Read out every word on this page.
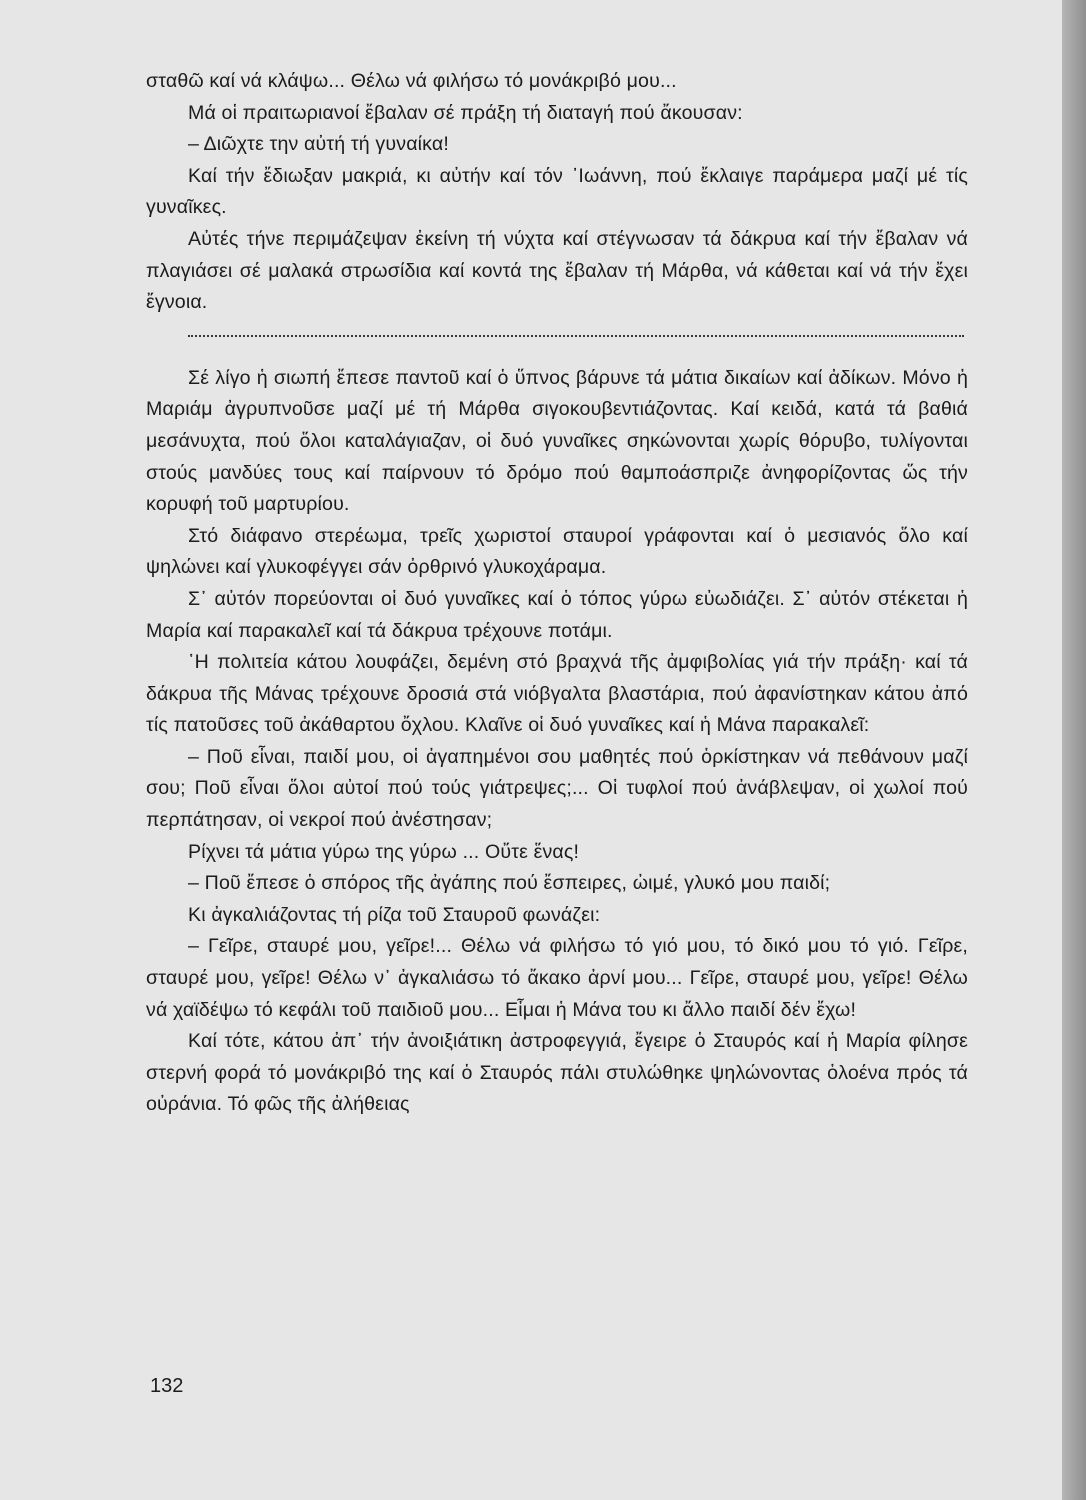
σταθῶ καί νά κλάψω... Θέλω νά φιλήσω τό μονάκριβό μου...

Μά οἱ πραιτωριανοί ἔβαλαν σέ πράξη τή διαταγή πού ἄκουσαν:

– Διῶχτε την αὐτή τή γυναίκα!

Καί τήν ἔδιωξαν μακριά, κι αὐτήν καί τόν ᾿Ιωάννη, πού ἔκλαιγε παράμερα μαζί μέ τίς γυναῖκες.

Αὐτές τήνε περιμάζεψαν ἐκείνη τή νύχτα καί στέγνωσαν τά δάκρυα καί τήν ἔβαλαν νά πλαγιάσει σέ μαλακά στρωσίδια καί κοντά της ἔβαλαν τή Μάρθα, νά κάθεται καί νά τήν ἔχει ἔγνοια.

Σέ λίγο ἡ σιωπή ἔπεσε παντοῦ καί ὁ ὕπνος βάρυνε τά μάτια δικαίων καί ἀδίκων. Μόνο ἡ Μαριάμ ἀγρυπνοῦσε μαζί μέ τή Μάρθα σιγοκουβεντιάζοντας. Καί κειδά, κατά τά βαθιά μεσάνυχτα, πού ὅλοι καταλάγιαζαν, οἱ δυό γυναῖκες σηκώνονται χωρίς θόρυβο, τυλίγονται στούς μανδύες τους καί παίρνουν τό δρόμο πού θαμποάσπριζε ἀνηφορίζοντας ὥς τήν κορυφή τοῦ μαρτυρίου.

Στό διάφανο στερέωμα, τρεῖς χωριστοί σταυροί γράφονται καί ὁ μεσιανός ὅλο καί ψηλώνει καί γλυκοφέγγει σάν ὀρθρινό γλυκοχάραμα.

Σ᾿ αὐτόν πορεύονται οἱ δυό γυναῖκες καί ὁ τόπος γύρω εὐωδιάζει. Σ᾿ αὐτόν στέκεται ἡ Μαρία καί παρακαλεῖ καί τά δάκρυα τρέχουνε ποτάμι.

῾Η πολιτεία κάτου λουφάζει, δεμένη στό βραχνά τῆς ἀμφιβολίας γιά τήν πράξη· καί τά δάκρυα τῆς Μάνας τρέχουνε δροσιά στά νιόβγαλτα βλαστάρια, πού ἀφανίστηκαν κάτου ἀπό τίς πατοῦσες τοῦ ἀκάθαρτου ὄχλου. Κλαῖνε οἱ δυό γυναῖκες καί ἡ Μάνα παρακαλεῖ:

– Ποῦ εἶναι, παιδί μου, οἱ ἀγαπημένοι σου μαθητές πού ὁρκίστηκαν νά πεθάνουν μαζί σου; Ποῦ εἶναι ὅλοι αὐτοί πού τούς γιάτρεψες;... Οἱ τυφλοί πού ἀνάβλεψαν, οἱ χωλοί πού περπάτησαν, οἱ νεκροί πού ἀνέστησαν;

Ρίχνει τά μάτια γύρω της γύρω ... Οὔτε ἕνας!

– Ποῦ ἔπεσε ὁ σπόρος τῆς ἀγάπης πού ἔσπειρες, ὠιμέ, γλυκό μου παιδί;

Κι ἀγκαλιάζοντας τή ρίζα τοῦ Σταυροῦ φωνάζει:

– Γεῖρε, σταυρέ μου, γεῖρε!... Θέλω νά φιλήσω τό γιό μου, τό δικό μου τό γιό. Γεῖρε, σταυρέ μου, γεῖρε! Θέλω ν᾿ ἀγκαλιάσω τό ἄκακο ἀρνί μου... Γεῖρε, σταυρέ μου, γεῖρε! Θέλω νά χαϊδέψω τό κεφάλι τοῦ παιδιοῦ μου... Εἶμαι ἡ Μάνα του κι ἄλλο παιδί δέν ἔχω!

Καί τότε, κάτου ἀπ᾿ τήν ἀνοιξιάτικη ἀστροφεγγιά, ἔγειρε ὁ Σταυρός καί ἡ Μαρία φίλησε στερνή φορά τό μονάκριβό της καί ὁ Σταυρός πάλι στυλώθηκε ψηλώνοντας ὁλοένα πρός τά οὐράνια. Τό φῶς τῆς ἀλήθειας

132
